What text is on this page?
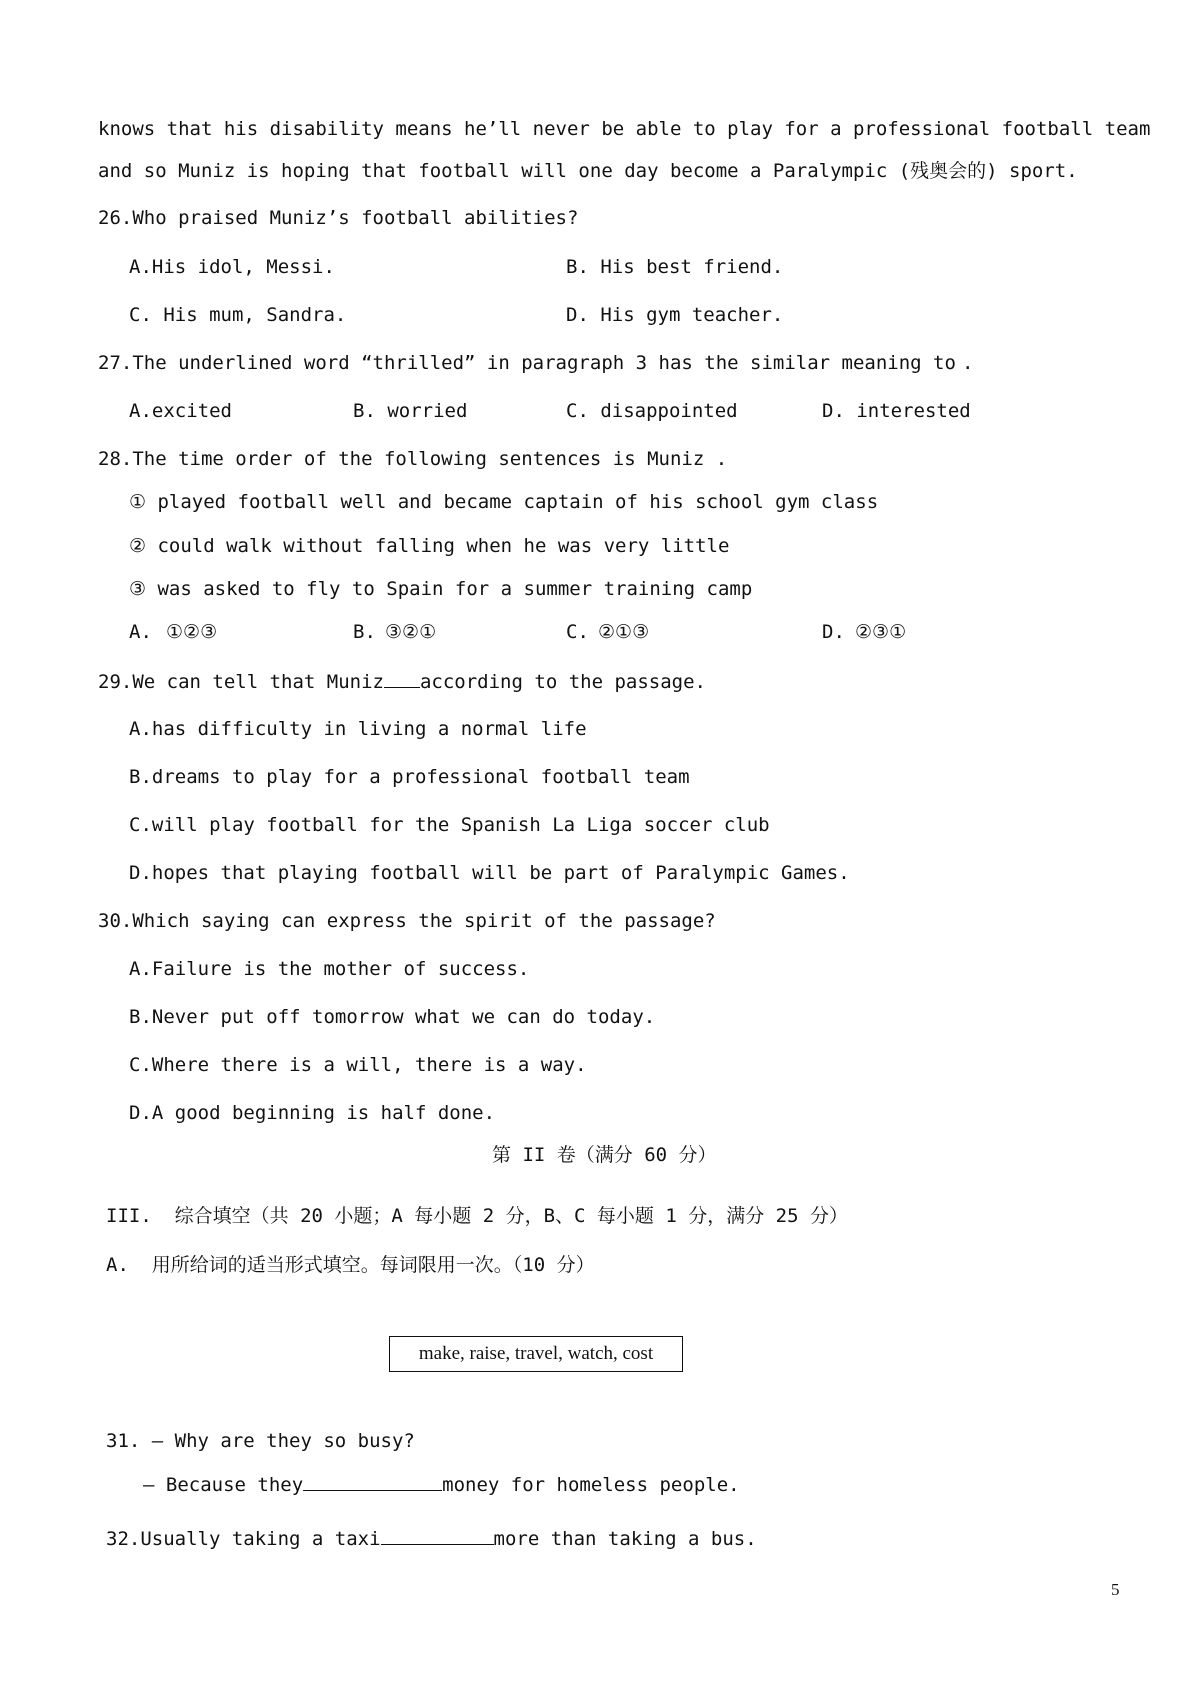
knows that his disability means he’ll never be able to play for a professional football team
and so Muniz is hoping that football will one day become a Paralympic (残奥会的) sport.
26.Who praised Muniz’s football abilities?
A.His idol, Messi.	B. His best friend.
C. His mum, Sandra.	D. His gym teacher.
27.The underlined word “thrilled” in paragraph 3 has the similar meaning to .
A.excited	B. worried	C. disappointed	D. interested
28.The time order of the following sentences is Muniz .
① played football well and became captain of his school gym class
② could walk without falling when he was very little
③ was asked to fly to Spain for a summer training camp
A. ①②③	B. ③②①	C. ②①③	D. ②③①
29.We can tell that Muniz according to the passage.
A.has difficulty in living a normal life
B.dreams to play for a professional football team
C.will play football for the Spanish La Liga soccer club
D.hopes that playing football will be part of Paralympic Games.
30.Which saying can express the spirit of the passage?
A.Failure is the mother of success.
B.Never put off tomorrow what we can do today.
C.Where there is a will, there is a way.
D.A good beginning is half done.
第 II 卷（满分 60 分）
III.  综合填空（共 20 小题；A 每小题 2 分，B、C 每小题 1 分，满分 25 分）
A.  用所给词的适当形式填空。每词限用一次。（10 分）
make, raise, travel, watch, cost
31. — Why are they so busy?
— Because they	money for homeless people.
32.Usually taking a taxi	more than taking a bus.
5
